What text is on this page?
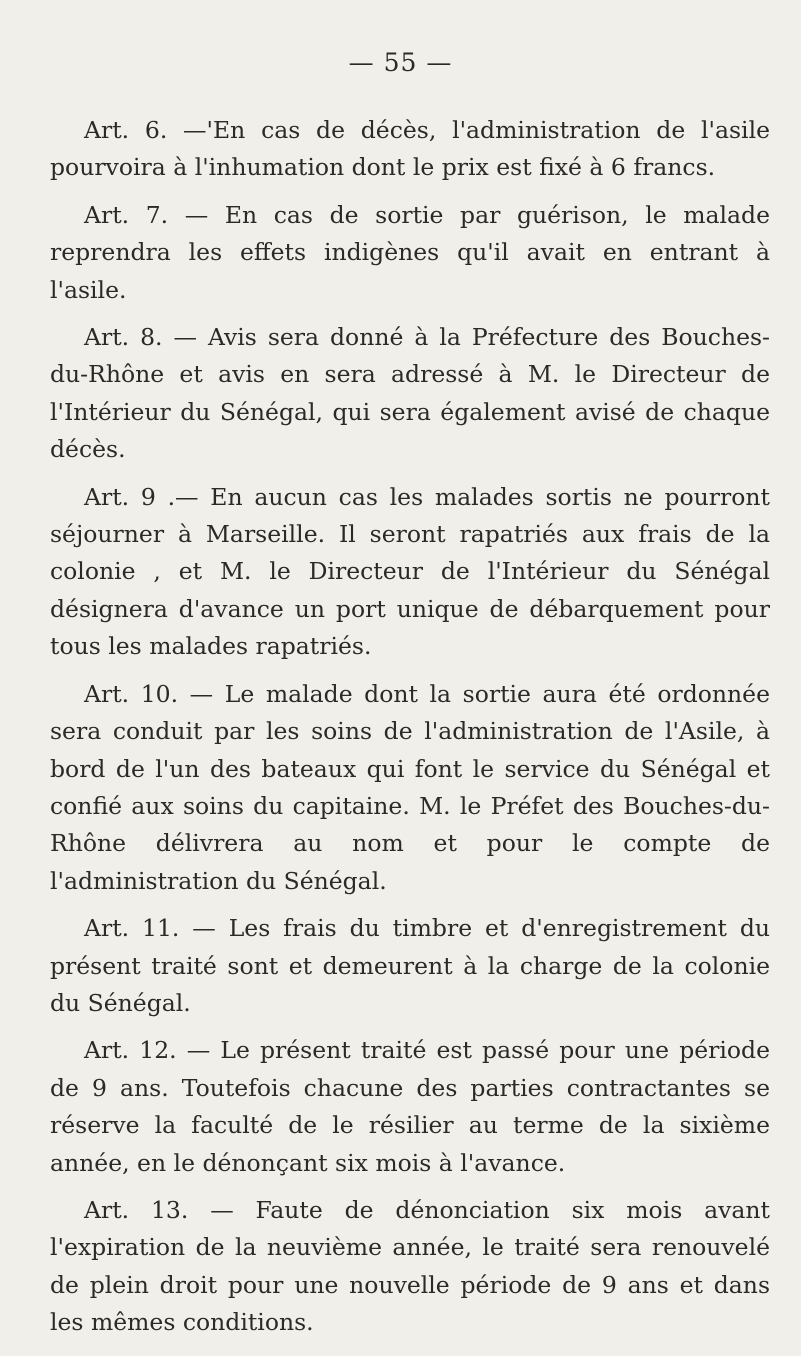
— 55 —

Art. 6. —'En cas de décès, l'administration de l'asile pourvoira à l'inhumation dont le prix est fixé à 6 francs.

Art. 7. — En cas de sortie par guérison, le malade reprendra les effets indigènes qu'il avait en entrant à l'asile.

Art. 8. — Avis sera donné à la Préfecture des Bouches-du-Rhône et avis en sera adressé à M. le Directeur de l'Intérieur du Sénégal, qui sera également avisé de chaque décès.

Art. 9 .— En aucun cas les malades sortis ne pourront séjourner à Marseille. Il seront rapatriés aux frais de la colonie , et M. le Directeur de l'Intérieur du Sénégal désignera d'avance un port unique de débarquement pour tous les malades rapatriés.

Art. 10. — Le malade dont la sortie aura été ordonnée sera conduit par les soins de l'administration de l'Asile, à bord de l'un des bateaux qui font le service du Sénégal et confié aux soins du capitaine. M. le Préfet des Bouches-du-Rhône délivrera au nom et pour le compte de l'administration du Sénégal.

Art. 11. — Les frais du timbre et d'enregistrement du présent traité sont et demeurent à la charge de la colonie du Sénégal.

Art. 12. — Le présent traité est passé pour une période de 9 ans. Toutefois chacune des parties contractantes se réserve la faculté de le résilier au terme de la sixième année, en le dénonçant six mois à l'avance.

Art. 13. — Faute de dénonciation six mois avant l'expiration de la neuvième année, le traité sera renouvelé de plein droit pour une nouvelle période de 9 ans et dans les mêmes conditions.
